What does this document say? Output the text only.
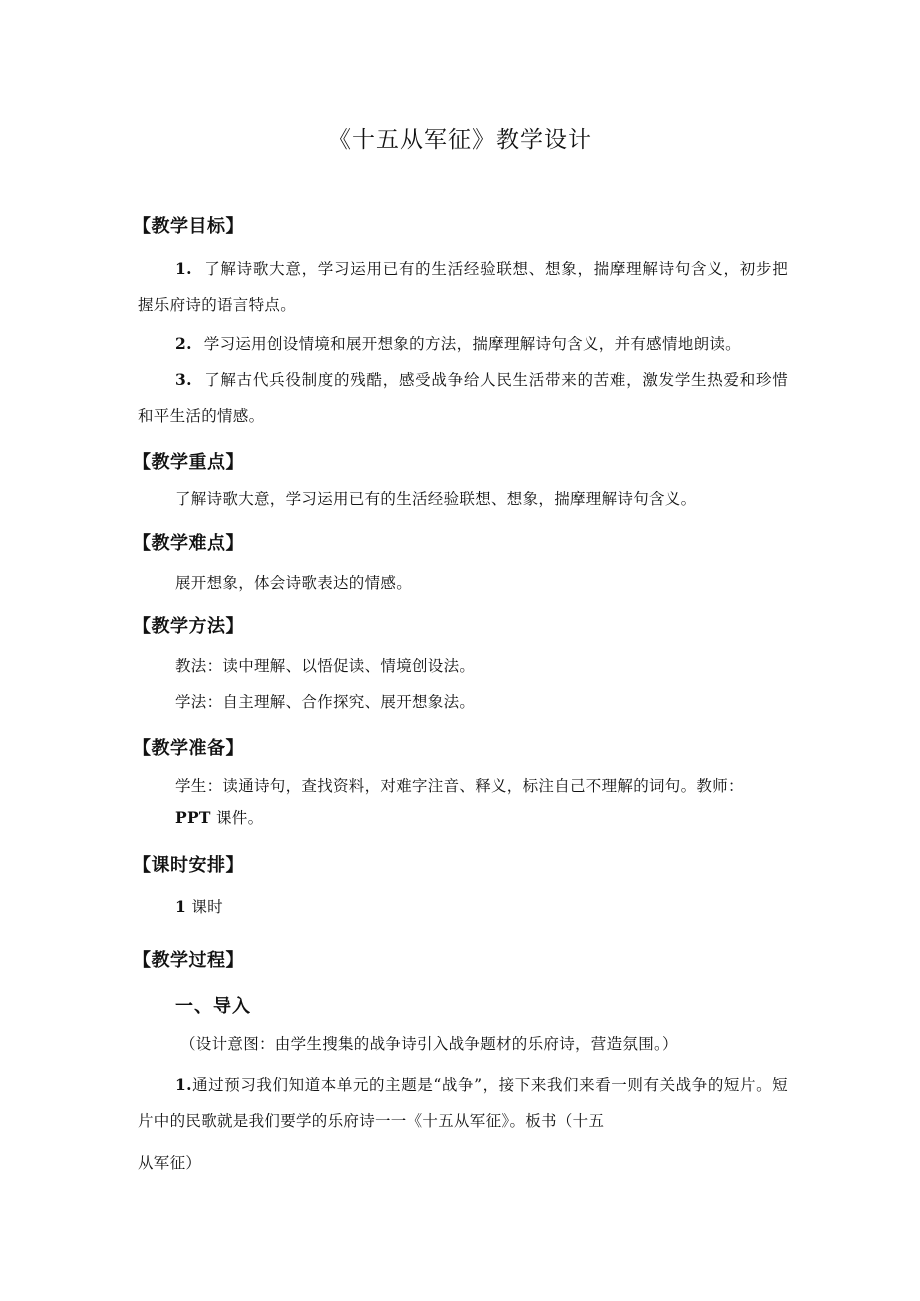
《十五从军征》教学设计
【教学目标】
1. 了解诗歌大意，学习运用已有的生活经验联想、想象，揣摩理解诗句含义，初步把握乐府诗的语言特点。
2. 学习运用创设情境和展开想象的方法，揣摩理解诗句含义，并有感情地朗读。
3. 了解古代兵役制度的残酷，感受战争给人民生活带来的苦难，激发学生热爱和珍惜和平生活的情感。
【教学重点】
了解诗歌大意，学习运用已有的生活经验联想、想象，揣摩理解诗句含义。
【教学难点】
展开想象，体会诗歌表达的情感。
【教学方法】
教法：读中理解、以悟促读、情境创设法。
学法：自主理解、合作探究、展开想象法。
【教学准备】
学生：读通诗句，查找资料，对难字注音、释义，标注自己不理解的词句。教师：
PPT 课件。
【课时安排】
1 课时
【教学过程】
一、导入
（设计意图：由学生搜集的战争诗引入战争题材的乐府诗，营造氛围。）
1.通过预习我们知道本单元的主题是“战争”，接下来我们来看一则有关战争的短片。短片中的民歌就是我们要学的乐府诗一一《十五从军征》。板书（十五
从军征）
